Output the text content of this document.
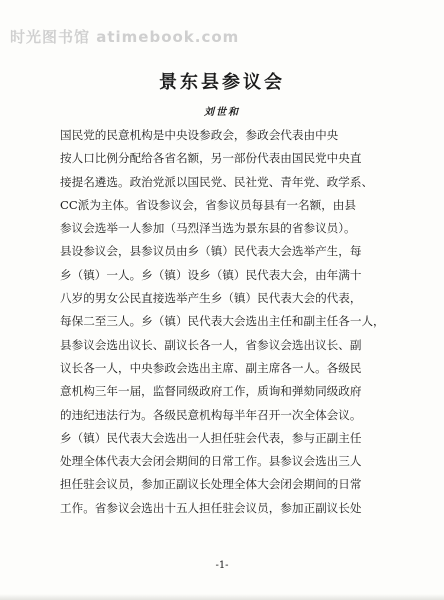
时光图书馆 atimebook.com
景东县参议会
刘世和
国民党的民意机构是中央设参政会，参政会代表由中央
按人口比例分配给各省名额，另一部份代表由国民党中央直
接提名遴选。政治党派以国民党、民社党、青年党、政学系、
CC派为主体。省设参议会，省参议员每县有一名额，由县
参议会选举一人参加（马烈泽当选为景东县的省参议员）。
县设参议会，县参议员由乡（镇）民代表大会选举产生，每
乡（镇）一人。乡（镇）设乡（镇）民代表大会，由年满十
八岁的男女公民直接选举产生乡（镇）民代表大会的代表，
每保二至三人。乡（镇）民代表大会选出主任和副主任各一人，
县参议会选出议长、副议长各一人，省参议会选出议长、副
议长各一人，中央参政会选出主席、副主席各一人。各级民
意机构三年一届，监督同级政府工作，质询和弹劾同级政府
的违纪违法行为。各级民意机构每半年召开一次全体会议。
乡（镇）民代表大会选出一人担任驻会代表，参与正副主任
处理全体代表大会闭会期间的日常工作。县参议会选出三人
担任驻会议员，参加正副议长处理全体大会闭会期间的日常
工作。省参议会选出十五人担任驻会议员，参加正副议长处
-1-
